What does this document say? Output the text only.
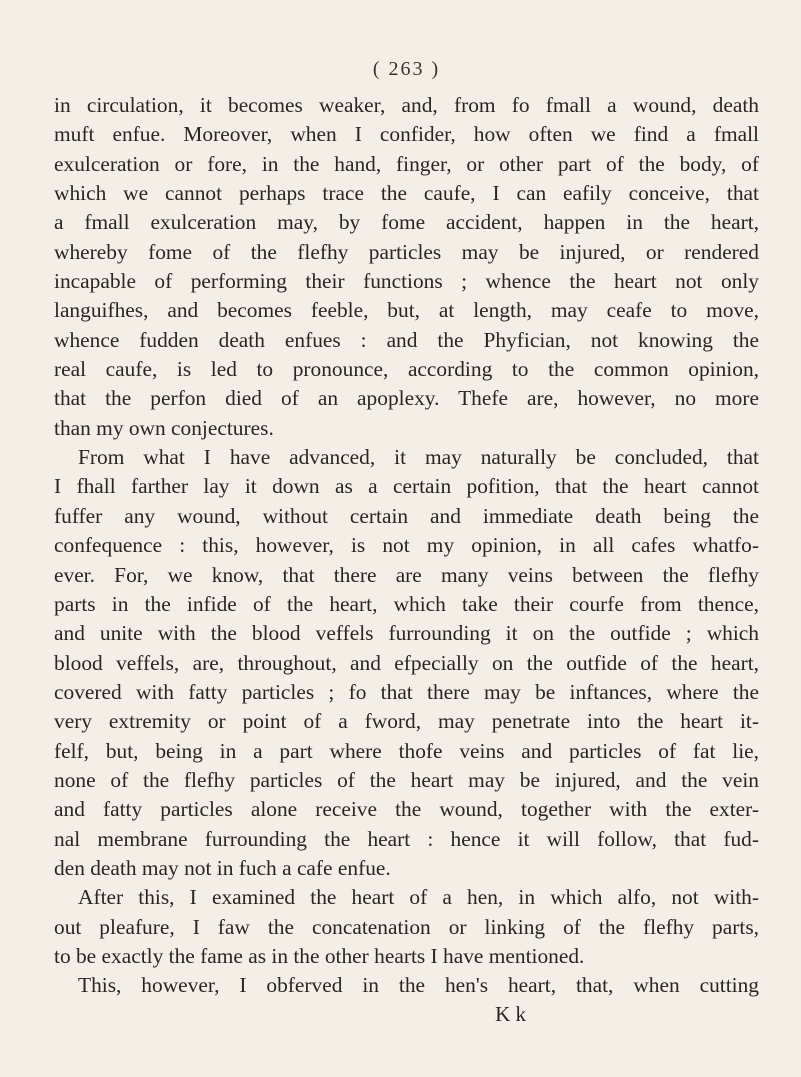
( 263 )
in circulation, it becomes weaker, and, from fo fmall a wound, death
muft enfue. Moreover, when I confider, how often we find a fmall
exulceration or fore, in the hand, finger, or other part of the body, of
which we cannot perhaps trace the caufe, I can eafily conceive, that
a fmall exulceration may, by fome accident, happen in the heart,
whereby fome of the flefhy particles may be injured, or rendered
incapable of performing their functions ; whence the heart not only
languifhes, and becomes feeble, but, at length, may ceafe to move,
whence fudden death enfues : and the Phyfician, not knowing the
real caufe, is led to pronounce, according to the common opinion,
that the perfon died of an apoplexy. Thefe are, however, no more
than my own conjectures.
From what I have advanced, it may naturally be concluded, that
I fhall farther lay it down as a certain pofition, that the heart cannot
fuffer any wound, without certain and immediate death being the
confequence : this, however, is not my opinion, in all cafes whatfo-
ever. For, we know, that there are many veins between the flefhy
parts in the infide of the heart, which take their courfe from thence,
and unite with the blood veffels furrounding it on the outfide ; which
blood veffels, are, throughout, and efpecially on the outfide of the heart,
covered with fatty particles ; fo that there may be inftances, where the
very extremity or point of a fword, may penetrate into the heart it-
felf, but, being in a part where thofe veins and particles of fat lie,
none of the flefhy particles of the heart may be injured, and the vein
and fatty particles alone receive the wound, together with the exter-
nal membrane furrounding the heart : hence it will follow, that fud-
den death may not in fuch a cafe enfue.
After this, I examined the heart of a hen, in which alfo, not with-
out pleafure, I faw the concatenation or linking of the flefhy parts,
to be exactly the fame as in the other hearts I have mentioned.
This, however, I obferved in the hen's heart, that, when cutting
K k
